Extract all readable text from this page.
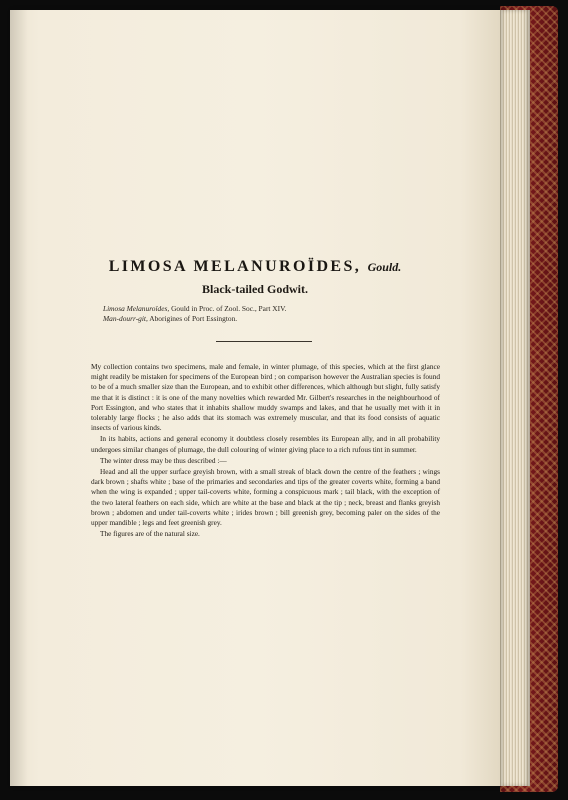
LIMOSA MELANUROÏDES, Gould.
Black-tailed Godwit.
Limosa Melanuroïdes, Gould in Proc. of Zool. Soc., Part XIV.
Man-dourr-git, Aborigines of Port Essington.

My collection contains two specimens, male and female, in winter plumage, of this species, which at the first glance might readily be mistaken for specimens of the European bird ; on comparison however the Australian species is found to be of a much smaller size than the European, and to exhibit other differences, which although but slight, fully satisfy me that it is distinct : it is one of the many novelties which rewarded Mr. Gilbert's researches in the neighbourhood of Port Essington, and who states that it inhabits shallow muddy swamps and lakes, and that he usually met with it in tolerably large flocks ; he also adds that its stomach was extremely muscular, and that its food consists of aquatic insects of various kinds.

In its habits, actions and general economy it doubtless closely resembles its European ally, and in all probability undergoes similar changes of plumage, the dull colouring of winter giving place to a rich rufous tint in summer.

The winter dress may be thus described :—

Head and all the upper surface greyish brown, with a small streak of black down the centre of the feathers ; wings dark brown ; shafts white ; base of the primaries and secondaries and tips of the greater coverts white, forming a band when the wing is expanded ; upper tail-coverts white, forming a conspicuous mark ; tail black, with the exception of the two lateral feathers on each side, which are white at the base and black at the tip ; neck, breast and flanks greyish brown ; abdomen and under tail-coverts white ; irides brown ; bill greenish grey, becoming paler on the sides of the upper mandible ; legs and feet greenish grey.

The figures are of the natural size.
